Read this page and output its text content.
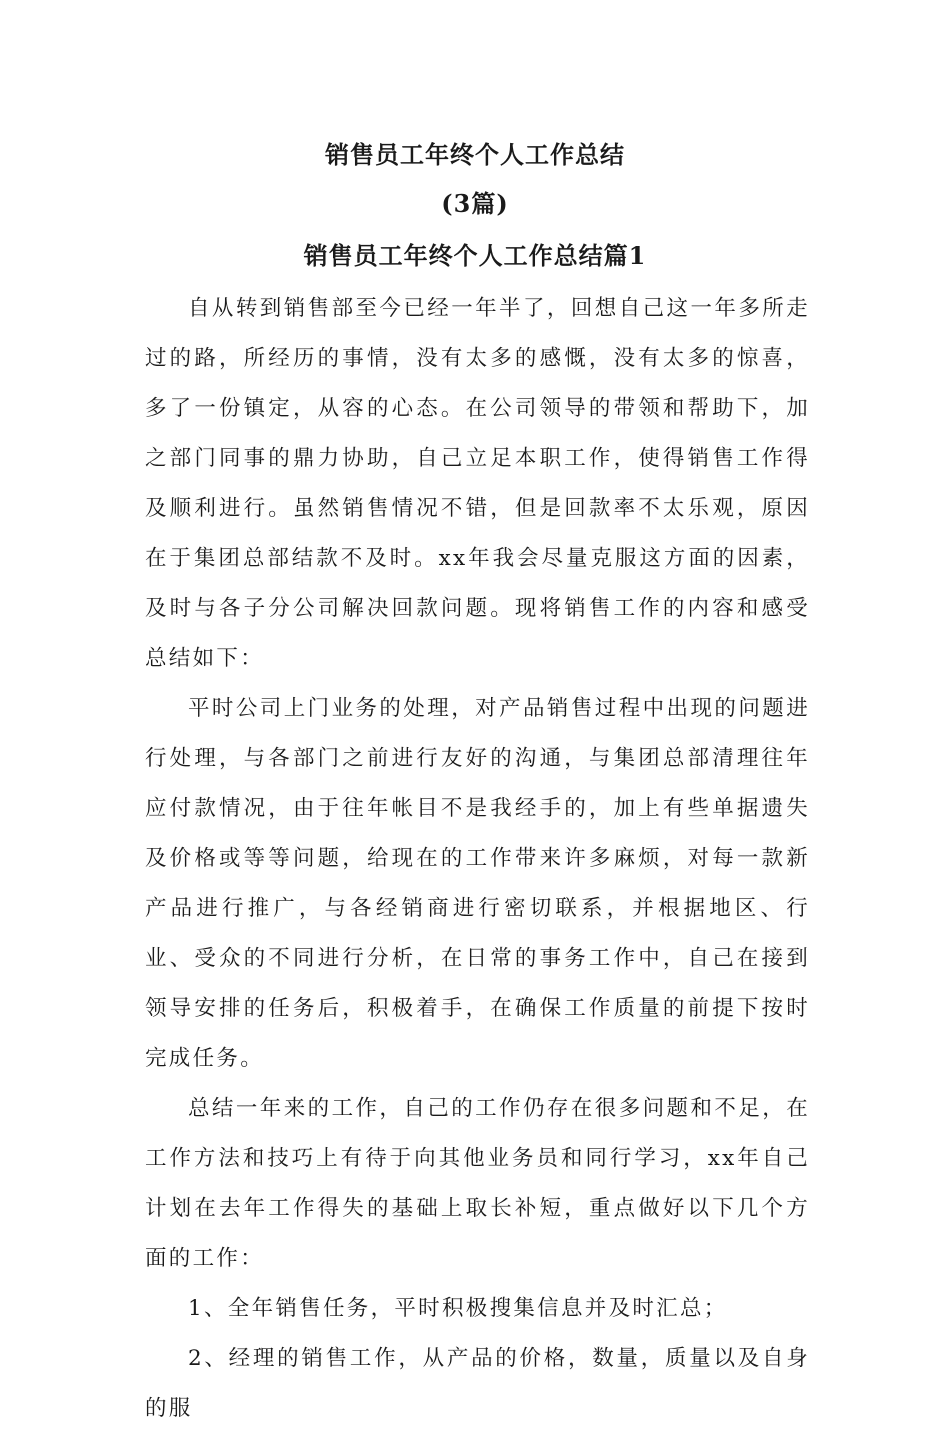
销售员工年终个人工作总结
(3篇)
销售员工年终个人工作总结篇1

自从转到销售部至今已经一年半了，回想自己这一年多所走过的路，所经历的事情，没有太多的感慨，没有太多的惊喜，多了一份镇定，从容的心态。在公司领导的带领和帮助下，加之部门同事的鼎力协助，自己立足本职工作，使得销售工作得及顺利进行。虽然销售情况不错，但是回款率不太乐观，原因在于集团总部结款不及时。xx年我会尽量克服这方面的因素，及时与各子分公司解决回款问题。现将销售工作的内容和感受总结如下：

平时公司上门业务的处理，对产品销售过程中出现的问题进行处理，与各部门之前进行友好的沟通，与集团总部清理往年应付款情况，由于往年帐目不是我经手的，加上有些单据遗失及价格或等等问题，给现在的工作带来许多麻烦，对每一款新产品进行推广，与各经销商进行密切联系，并根据地区、行业、受众的不同进行分析，在日常的事务工作中，自己在接到领导安排的任务后，积极着手，在确保工作质量的前提下按时完成任务。

总结一年来的工作，自己的工作仍存在很多问题和不足，在工作方法和技巧上有待于向其他业务员和同行学习，xx年自己计划在去年工作得失的基础上取长补短，重点做好以下几个方面的工作：

1、全年销售任务，平时积极搜集信息并及时汇总；

2、经理的销售工作，从产品的价格，数量，质量以及自身的服
